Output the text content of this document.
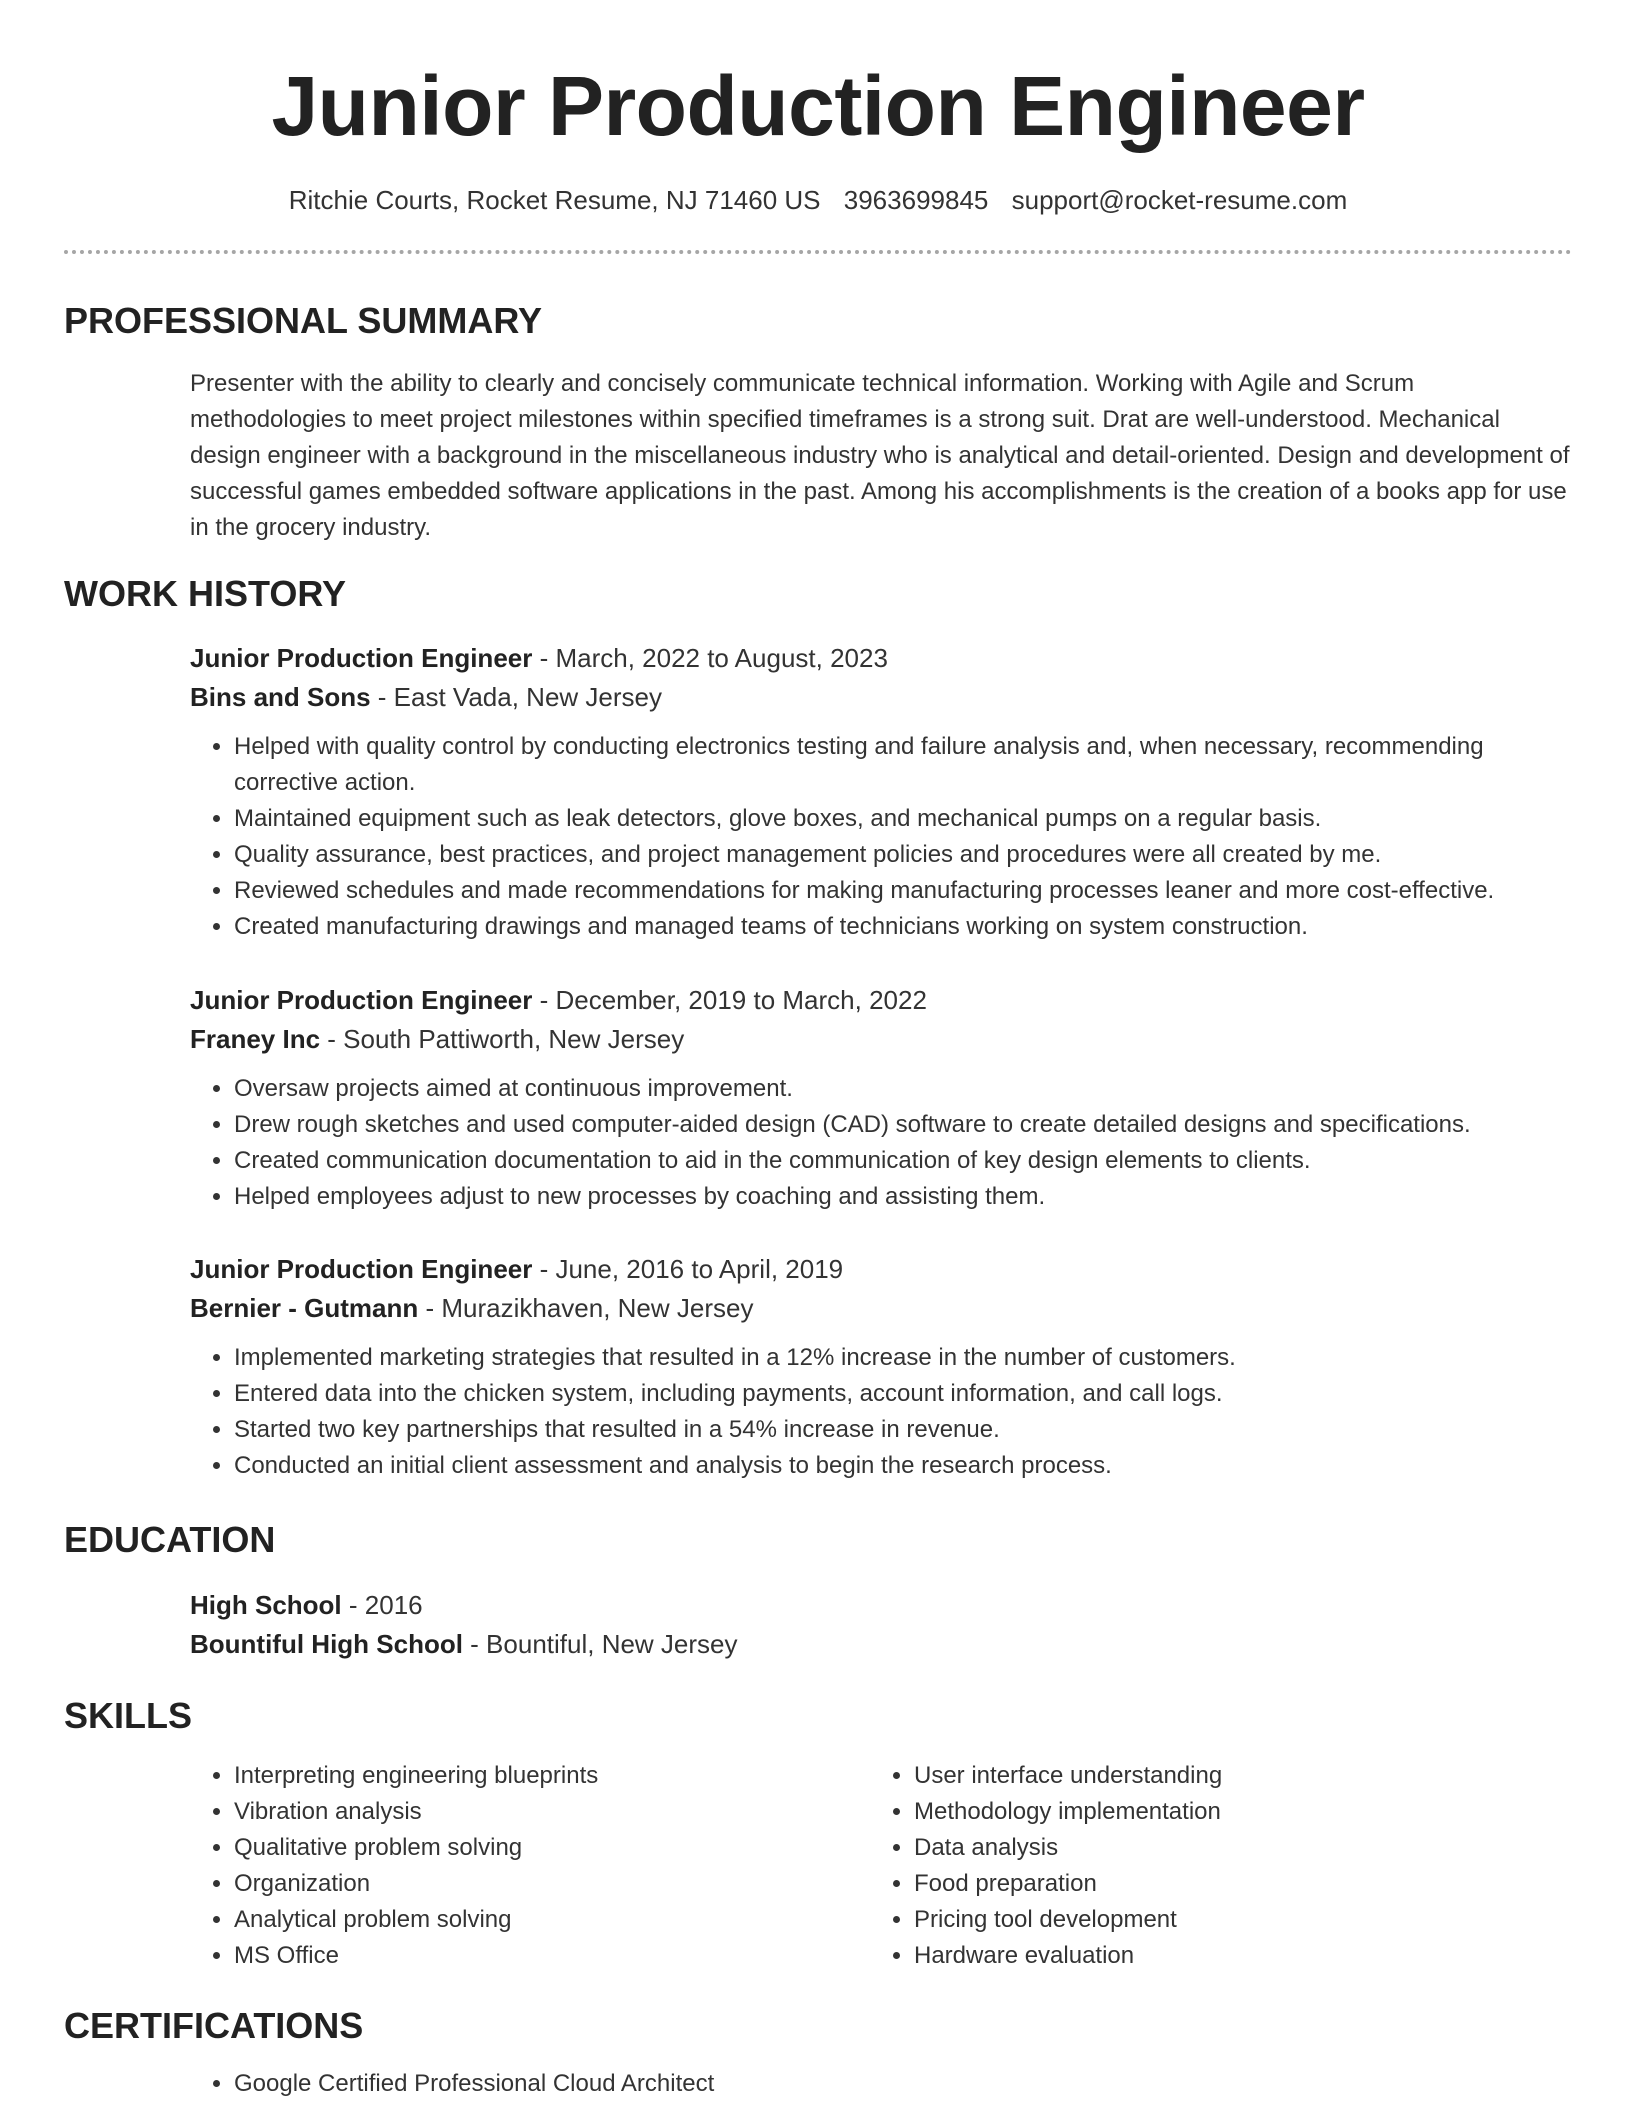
Junior Production Engineer
Ritchie Courts, Rocket Resume, NJ 71460 US 3963699845 support@rocket-resume.com
PROFESSIONAL SUMMARY

Presenter with the ability to clearly and concisely communicate technical information. Working with Agile and Scrum methodologies to meet project milestones within specified timeframes is a strong suit. Drat are well-understood. Mechanical design engineer with a background in the miscellaneous industry who is analytical and detail-oriented. Design and development of successful games embedded software applications in the past. Among his accomplishments is the creation of a books app for use in the grocery industry.

WORK HISTORY

Junior Production Engineer - March, 2022 to August, 2023

Bins and Sons - East Vada, New Jersey

• Helped with quality control by conducting electronics testing and failure analysis and, when necessary, recommending corrective action.
• Maintained equipment such as leak detectors, glove boxes, and mechanical pumps on a regular basis.
• Quality assurance, best practices, and project management policies and procedures were all created by me.
• Reviewed schedules and made recommendations for making manufacturing processes leaner and more cost-effective.
• Created manufacturing drawings and managed teams of technicians working on system construction.

Junior Production Engineer - December, 2019 to March, 2022

Franey Inc - South Pattiworth, New Jersey

• Oversaw projects aimed at continuous improvement.
• Drew rough sketches and used computer-aided design (CAD) software to create detailed designs and specifications.
• Created communication documentation to aid in the communication of key design elements to clients.
• Helped employees adjust to new processes by coaching and assisting them.

Junior Production Engineer - June, 2016 to April, 2019

Bernier - Gutmann - Murazikhaven, New Jersey

• Implemented marketing strategies that resulted in a 12% increase in the number of customers.
• Entered data into the chicken system, including payments, account information, and call logs.
• Started two key partnerships that resulted in a 54% increase in revenue.
• Conducted an initial client assessment and analysis to begin the research process.
EDUCATION

High School - 2016

Bountiful High School - Bountiful, New Jersey

SKILLS
• Interpreting engineering blueprints
• Vibration analysis
• Qualitative problem solving
• Organization
• Analytical problem solving
• MS Office
• User interface understanding
• Methodology implementation
• Data analysis
• Food preparation
• Pricing tool development
• Hardware evaluation
CERTIFICATIONS
• Google Certified Professional Cloud Architect
